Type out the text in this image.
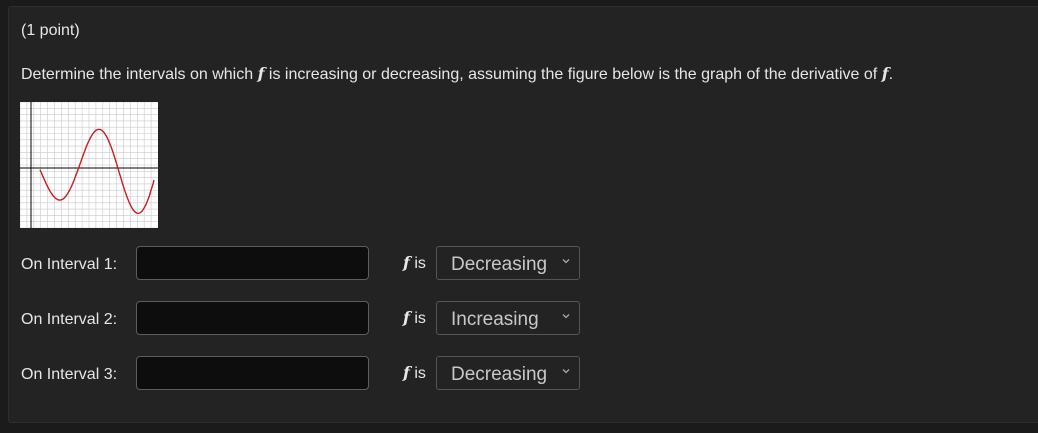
(1 point)
Determine the intervals on which f is increasing or decreasing, assuming the figure below is the graph of the derivative of f.
On Interval 1:	f is Decreasing
On Interval 2:	f is Increasing
On Interval 3:	f is Decreasing
